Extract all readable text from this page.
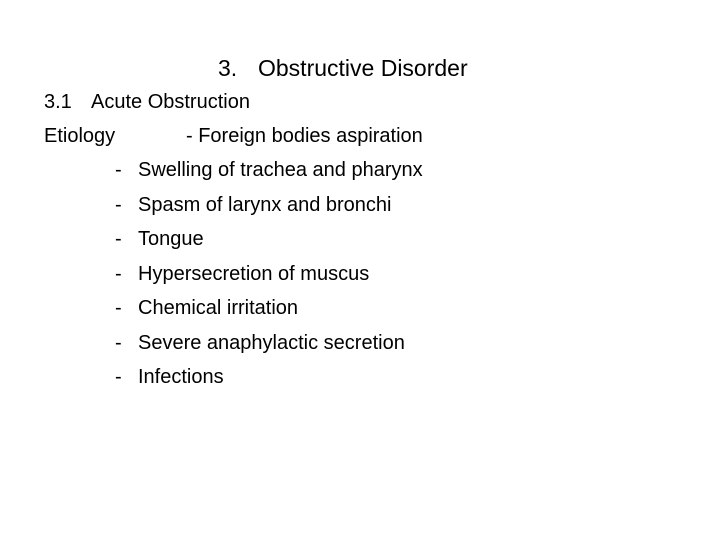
3. Obstructive Disorder
3.1 Acute Obstruction
Etiology	- Foreign bodies aspiration
- Swelling of trachea and pharynx
- Spasm of larynx and bronchi
- Tongue
- Hypersecretion of muscus
- Chemical irritation
- Severe anaphylactic secretion
- Infections
